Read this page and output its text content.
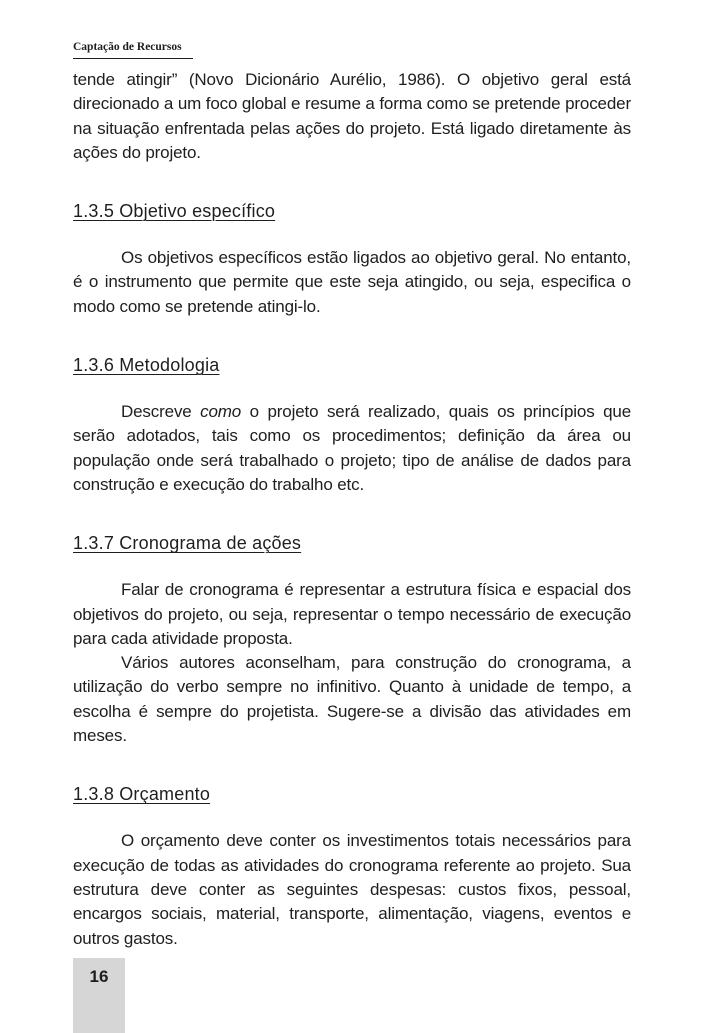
Captação de Recursos

tende atingir” (Novo Dicionário Aurélio, 1986). O objetivo geral está direcionado a um foco global e resume a forma como se pretende proceder na situação enfrentada pelas ações do projeto. Está ligado diretamente às ações do projeto.

1.3.5 Objetivo específico

Os objetivos específicos estão ligados ao objetivo geral. No entanto, é o instrumento que permite que este seja atingido, ou seja, especifica o modo como se pretende atingi-lo.

1.3.6 Metodologia

Descreve como o projeto será realizado, quais os princípios que serão adotados, tais como os procedimentos; definição da área ou população onde será trabalhado o projeto; tipo de análise de dados para construção e execução do trabalho etc.

1.3.7 Cronograma de ações

Falar de cronograma é representar a estrutura física e espacial dos objetivos do projeto, ou seja, representar o tempo necessário de execução para cada atividade proposta.

Vários autores aconselham, para construção do cronograma, a utilização do verbo sempre no infinitivo. Quanto à unidade de tempo, a escolha é sempre do projetista. Sugere-se a divisão das atividades em meses.

1.3.8 Orçamento

O orçamento deve conter os investimentos totais necessários para execução de todas as atividades do cronograma referente ao projeto. Sua estrutura deve conter as seguintes despesas: custos fixos, pessoal, encargos sociais, material, transporte, alimentação, viagens, eventos e outros gastos.

16
